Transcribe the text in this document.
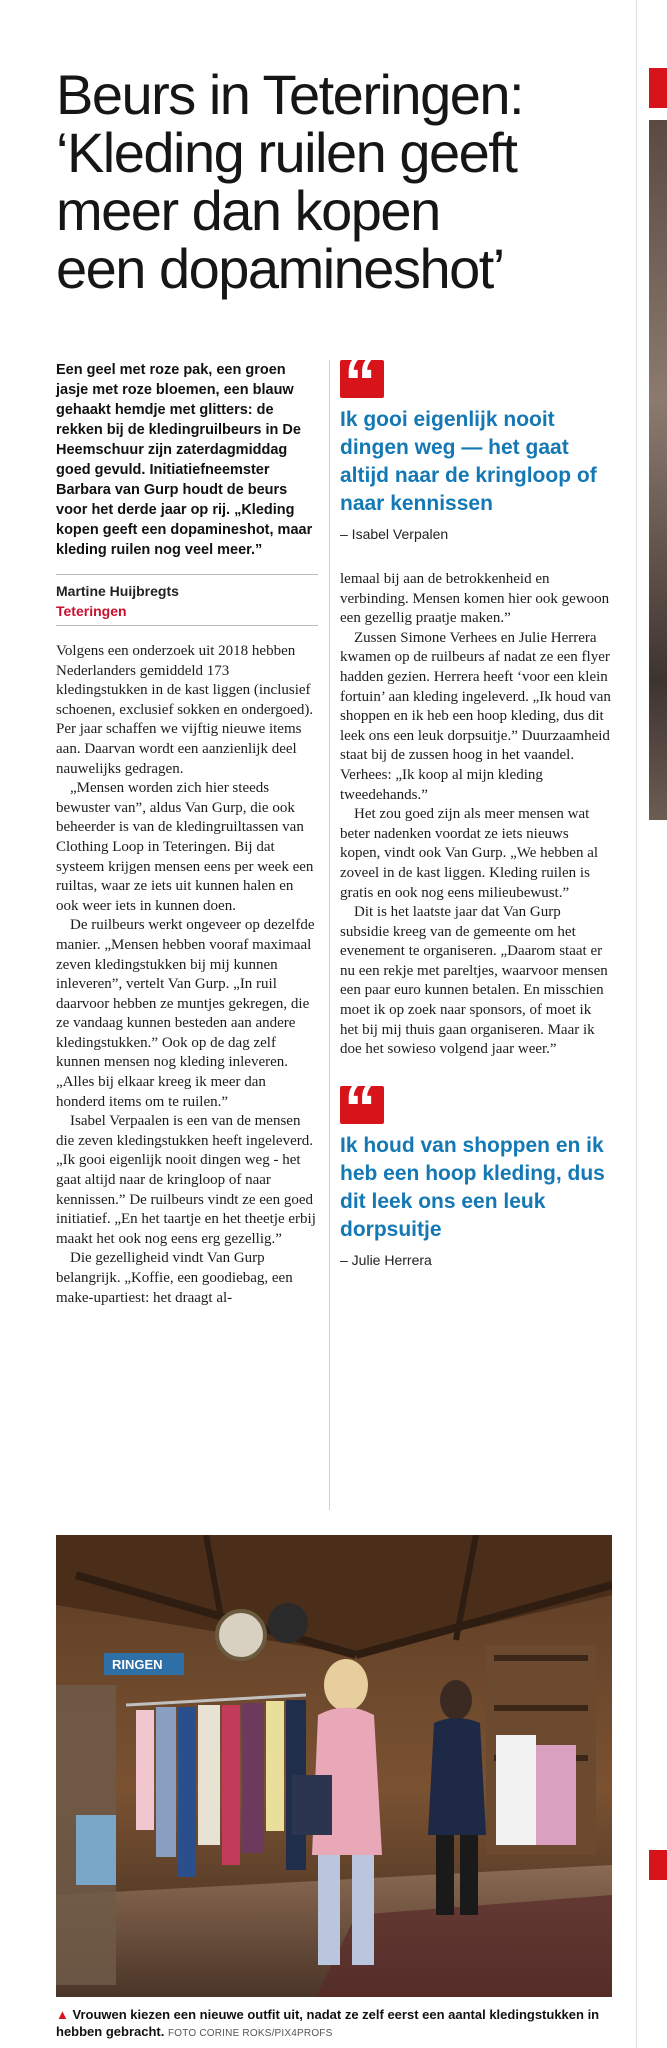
Beurs in Teteringen:
‘Kleding ruilen geeft
meer dan kopen
een dopamineshot’

Een geel met roze pak, een groen jasje met roze bloemen, een blauw gehaakt hemdje met glitters: de rekken bij de kledingruilbeurs in De Heemschuur zijn zaterdagmiddag goed gevuld. Initiatiefneemster Barbara van Gurp houdt de beurs voor het derde jaar op rij. „Kleding kopen geeft een dopamineshot, maar kleding ruilen nog veel meer.”

Martine Huijbregts
Teteringen

Volgens een onderzoek uit 2018 hebben Nederlanders gemiddeld 173 kledingstukken in de kast liggen (inclusief schoenen, exclusief sokken en ondergoed). Per jaar schaffen we vijftig nieuwe items aan. Daarvan wordt een aanzienlijk deel nauwelijks gedragen.

„Mensen worden zich hier steeds bewuster van”, aldus Van Gurp, die ook beheerder is van de kledingruiltassen van Clothing Loop in Teteringen. Bij dat systeem krijgen mensen eens per week een ruiltas, waar ze iets uit kunnen halen en ook weer iets in kunnen doen.

De ruilbeurs werkt ongeveer op dezelfde manier. „Mensen hebben vooraf maximaal zeven kledingstukken bij mij kunnen inleveren”, vertelt Van Gurp. „In ruil daarvoor hebben ze muntjes gekregen, die ze vandaag kunnen besteden aan andere kledingstukken.” Ook op de dag zelf kunnen mensen nog kleding inleveren. „Alles bij elkaar kreeg ik meer dan honderd items om te ruilen.”

Isabel Verpaalen is een van de mensen die zeven kledingstukken heeft ingeleverd. „Ik gooi eigenlijk nooit dingen weg - het gaat altijd naar de kringloop of naar kennissen.” De ruilbeurs vindt ze een goed initiatief. „En het taartje en het theetje erbij maakt het ook nog eens erg gezellig.”

Die gezelligheid vindt Van Gurp belangrijk. „Koffie, een goodiebag, een make-upartiest: het draagt al-

“

Ik gooi eigenlijk nooit dingen weg — het gaat altijd naar de kringloop of naar kennissen

– Isabel Verpalen

lemaal bij aan de betrokkenheid en verbinding. Mensen komen hier ook gewoon een gezellig praatje maken.”

Zussen Simone Verhees en Julie Herrera kwamen op de ruilbeurs af nadat ze een flyer hadden gezien. Herrera heeft ‘voor een klein fortuin’ aan kleding ingeleverd. „Ik houd van shoppen en ik heb een hoop kleding, dus dit leek ons een leuk dorpsuitje.” Duurzaamheid staat bij de zussen hoog in het vaandel. Verhees: „Ik koop al mijn kleding tweedehands.”

Het zou goed zijn als meer mensen wat beter nadenken voordat ze iets nieuws kopen, vindt ook Van Gurp. „We hebben al zoveel in de kast liggen. Kleding ruilen is gratis en ook nog eens milieubewust.”

Dit is het laatste jaar dat Van Gurp subsidie kreeg van de gemeente om het evenement te organiseren. „Daarom staat er nu een rekje met pareltjes, waarvoor mensen een paar euro kunnen betalen. En misschien moet ik op zoek naar sponsors, of moet ik het bij mij thuis gaan organiseren. Maar ik doe het sowieso volgend jaar weer.”

“

Ik houd van shoppen en ik heb een hoop kleding, dus dit leek ons een leuk dorpsuitje

– Julie Herrera
RINGEN
▲ Vrouwen kiezen een nieuwe outfit uit, nadat ze zelf eerst een aantal kledingstukken in hebben gebracht. FOTO CORINE ROKS/PIX4PROFS
